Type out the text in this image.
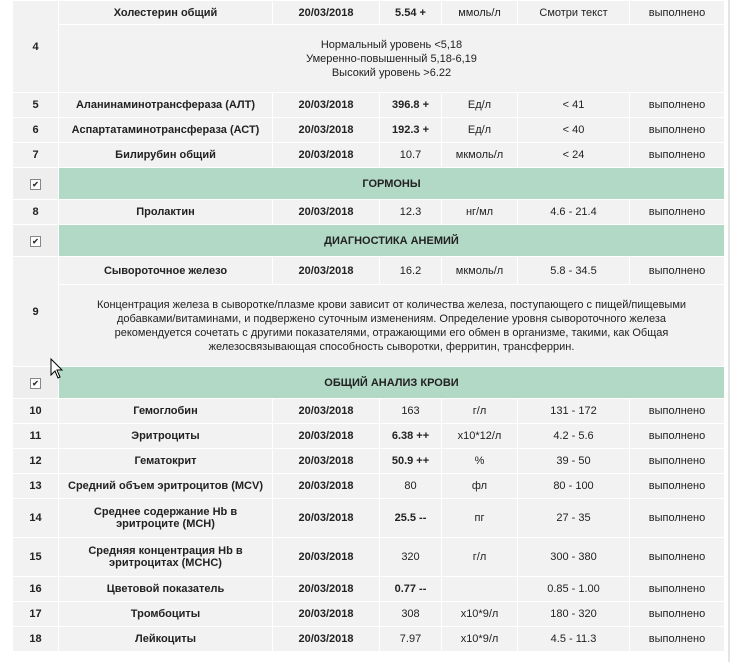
4	Холестерин общий	20/03/2018	5.54 +	ммоль/л	Смотри текст	выполнено

	Нормальный уровень <5,18
Умеренно-повышенный 5,18-6,19
Высокий уровень >6.22					

5	Аланинаминотрансфераза (АЛТ)	20/03/2018	396.8 +	Ед/л	< 41	выполнено
6	Аспартатаминотрансфераза (АСТ)	20/03/2018	192.3 +	Ед/л	< 40	выполнено
7	Билирубин общий	20/03/2018	10.7	мкмоль/л	< 24	выполнено
✔	ГОРМОНЫ					
8	Пролактин	20/03/2018	12.3	нг/мл	4.6 - 21.4	выполнено
✔	ДИАГНОСТИКА АНЕМИЙ					
9	Сывороточное железо	20/03/2018	16.2	мкмоль/л	5.8 - 34.5	выполнено
	Концентрация железа в сыворотке/плазме крови зависит от количества железа, поступающего с пищей/пищевыми добавками/витаминами, и подвержено суточным изменениям. Определение уровня сывороточного железа рекомендуется сочетать с другими показателями, отражающими его обмен в организме, такими, как Общая железосвязывающая способность сыворотки, ферритин, трансферрин.					
✔	ОБЩИЙ АНАЛИЗ КРОВИ					
10	Гемоглобин	20/03/2018	163	г/л	131 - 172	выполнено
11	Эритроциты	20/03/2018	6.38 ++	x10*12/л	4.2 - 5.6	выполнено
12	Гематокрит	20/03/2018	50.9 ++	%	39 - 50	выполнено
13	Средний объем эритроцитов (MCV)	20/03/2018	80	фл	80 - 100	выполнено
14	Среднее содержание Hb в эритроците (MCH)	20/03/2018	25.5 --	пг	27 - 35	выполнено
15	Средняя концентрация Hb в эритроцитах (MCHC)	20/03/2018	320	г/л	300 - 380	выполнено
16	Цветовой показатель	20/03/2018	0.77 --		0.85 - 1.00	выполнено
17	Тромбоциты	20/03/2018	308	x10*9/л	180 - 320	выполнено
18	Лейкоциты	20/03/2018	7.97	x10*9/л	4.5 - 11.3	выполнено
